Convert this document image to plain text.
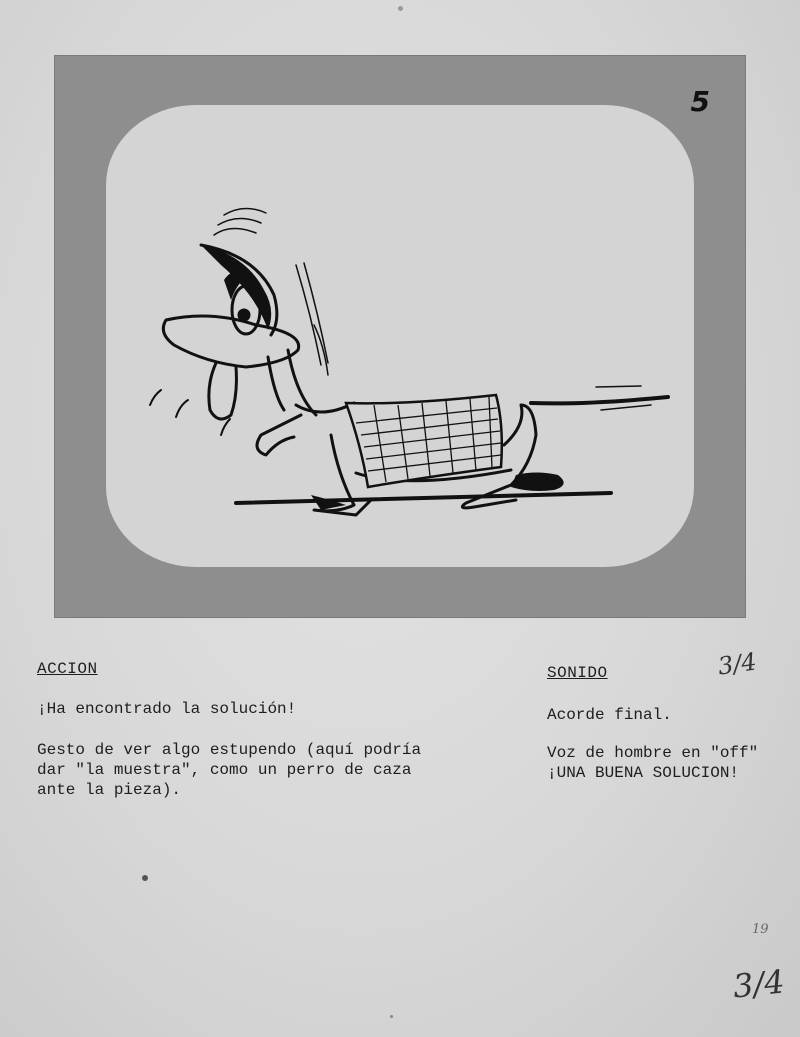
5
ACCION
¡Ha encontrado la solución!
Gesto de ver algo estupendo (aquí podría
dar "la muestra", como un perro de caza
ante la pieza).
SONIDO
Acorde final.
Voz de hombre en "off"
¡UNA BUENA SOLUCION!
3/4
19
3/4
